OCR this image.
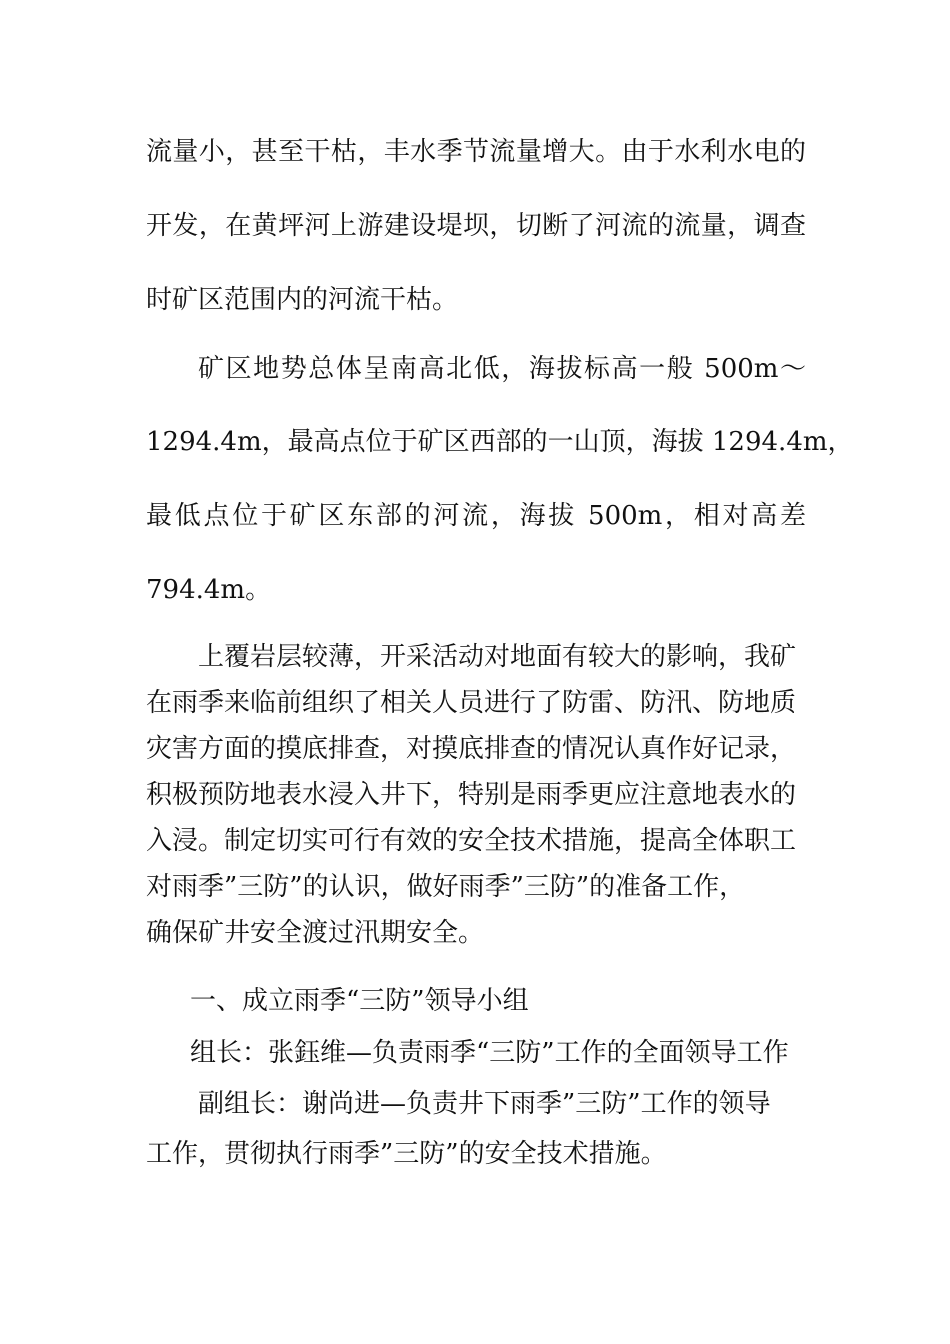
流量小，甚至干枯，丰水季节流量增大。由于水利水电的

开发，在黄坪河上游建设堤坝，切断了河流的流量，调查

时矿区范围内的河流干枯。

矿区地势总体呈南高北低，海拔标高一般 500m～

1294.4m，最高点位于矿区西部的一山顶，海拔 1294.4m，

最低点位于矿区东部的河流，海拔 500m，相对高差

794.4m。

上覆岩层较薄，开采活动对地面有较大的影响，我矿

在雨季来临前组织了相关人员进行了防雷、防汛、防地质

灾害方面的摸底排查，对摸底排查的情况认真作好记录，

积极预防地表水浸入井下，特别是雨季更应注意地表水的

入浸。制定切实可行有效的安全技术措施，提高全体职工

对雨季”三防”的认识，做好雨季”三防”的准备工作，

确保矿井安全渡过汛期安全。

一、成立雨季“三防”领导小组

组长：张鈺维—负责雨季“三防”工作的全面领导工作

副组长：谢尚进—负责井下雨季”三防”工作的领导

工作，贯彻执行雨季”三防”的安全技术措施。
